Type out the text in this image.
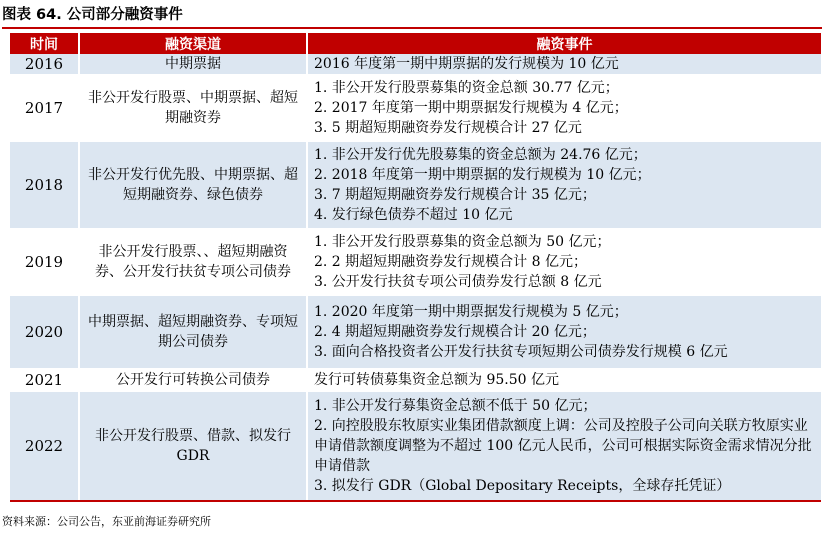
图表 64. 公司部分融资事件
时间	融资渠道	融资事件
2016	中期票据	2016 年度第一期中期票据的发行规模为 10 亿元

2017	非公开发行股票、中期票据、超短期融资券	1. 非公开发行股票募集的资金总额 30.77 亿元；
2. 2017 年度第一期中期票据发行规模为 4 亿元；
3. 5 期超短期融资券发行规模合计 27 亿元

2018	非公开发行优先股、中期票据、超短期融资券、绿色债券	1. 非公开发行优先股募集的资金总额为 24.76 亿元；
2. 2018 年度第一期中期票据的发行规模为 10 亿元；
3. 7 期超短期融资券发行规模合计 35 亿元；
4. 发行绿色债券不超过 10 亿元

2019	非公开发行股票、、超短期融资券、公开发行扶贫专项公司债券	1. 非公开发行股票募集的资金总额为 50 亿元；
2. 2 期超短期融资券发行规模合计 8 亿元；
3. 公开发行扶贫专项公司债券发行总额 8 亿元

2020	中期票据、超短期融资券、专项短期公司债券	1. 2020 年度第一期中期票据发行规模为 5 亿元；
2. 4 期超短期融资券发行规模合计 20 亿元；
3. 面向合格投资者公开发行扶贫专项短期公司债券发行规模 6 亿元

2021	公开发行可转换公司债券	发行可转债募集资金总额为 95.50 亿元

2022	非公开发行股票、借款、拟发行 GDR	1. 非公开发行募集资金总额不低于 50 亿元；
2. 向控股股东牧原实业集团借款额度上调：公司及控股子公司向关联方牧原实业申请借款额度调整为不超过 100 亿元人民币，公司可根据实际资金需求情况分批申请借款
3. 拟发行 GDR（Global Depositary Receipts，全球存托凭证）
资料来源：公司公告，东亚前海证券研究所
